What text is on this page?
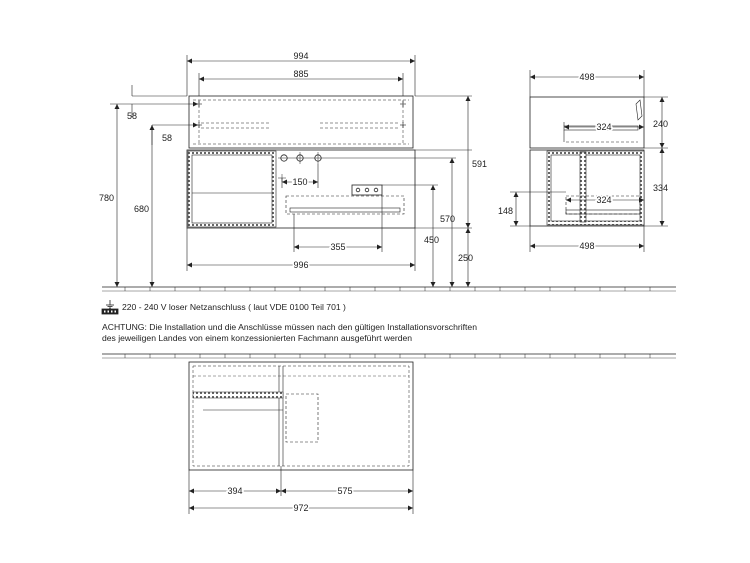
994
885
58
58
780
680
150
591
570
450
250
355
996
498
324	240
334
148
324
498
394	575
972
220 - 240 V loser Netzanschluss ( laut VDE 0100 Teil 701 )
ACHTUNG: Die Installation und die Anschlüsse müssen nach den gültigen Installationsvorschriften
des jeweiligen Landes von einem konzessionierten Fachmann ausgeführt werden
